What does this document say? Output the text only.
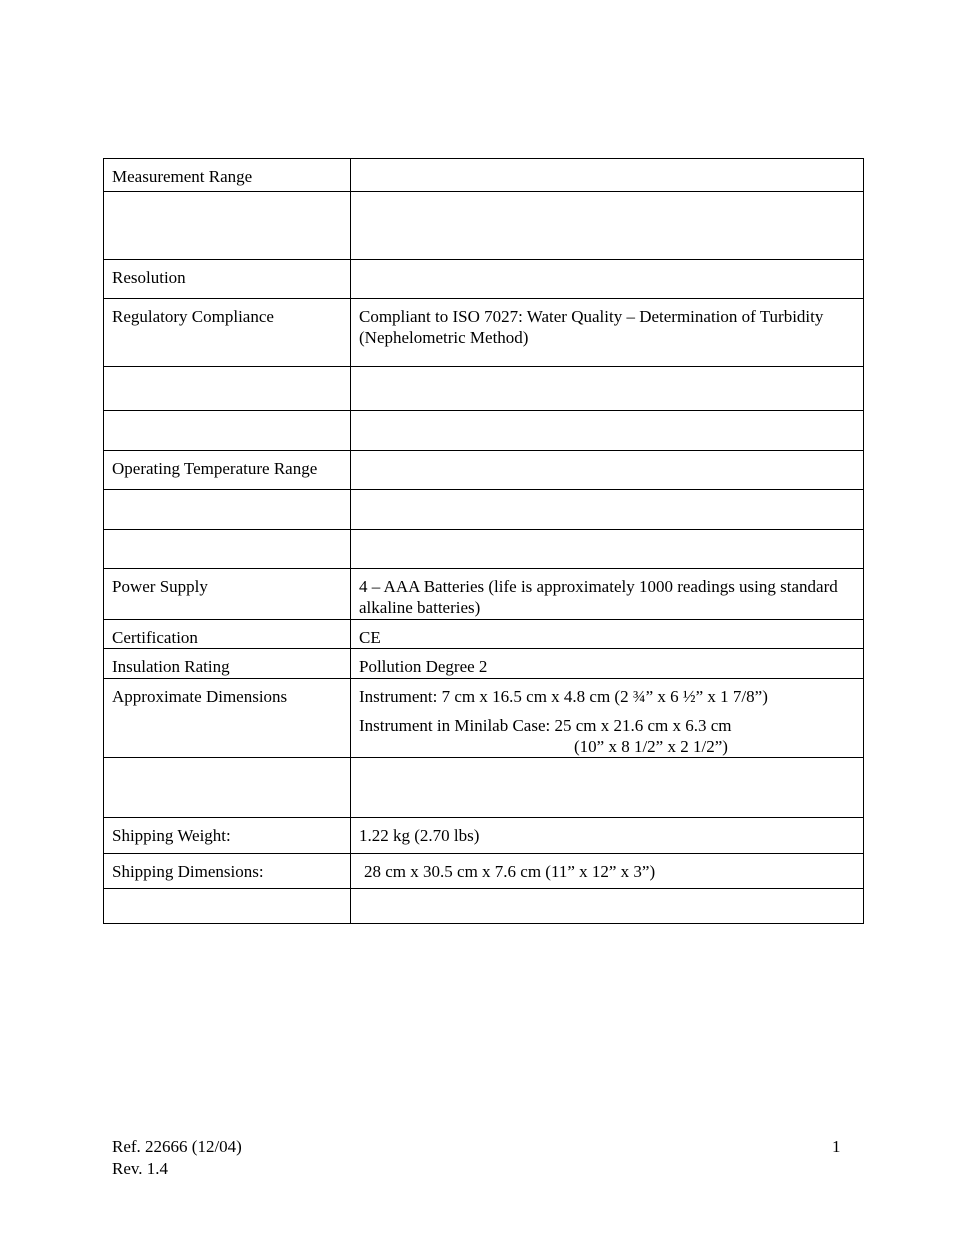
Measurement Range	

Resolution	
Regulatory Compliance	Compliant to ISO 7027: Water Quality – Determination of Turbidity (Nephelometric Method)

Operating Temperature Range	

Power Supply	4 – AAA Batteries (life is approximately 1000 readings using standard alkaline batteries)
Certification	CE
Insulation Rating	Pollution Degree 2
Approximate Dimensions	Instrument: 7 cm x 16.5 cm x 4.8 cm (2 ¾” x 6 ½” x 1 7/8”)

Instrument in Minilab Case: 25 cm x 21.6 cm x 6.3 cm
(10” x 8 1/2” x 2 1/2”)

Shipping Weight:	1.22 kg (2.70 lbs)
Shipping Dimensions:	28 cm x 30.5 cm x 7.6 cm (11” x 12” x 3”)

Ref. 22666 (12/04)
Rev. 1.4
1
